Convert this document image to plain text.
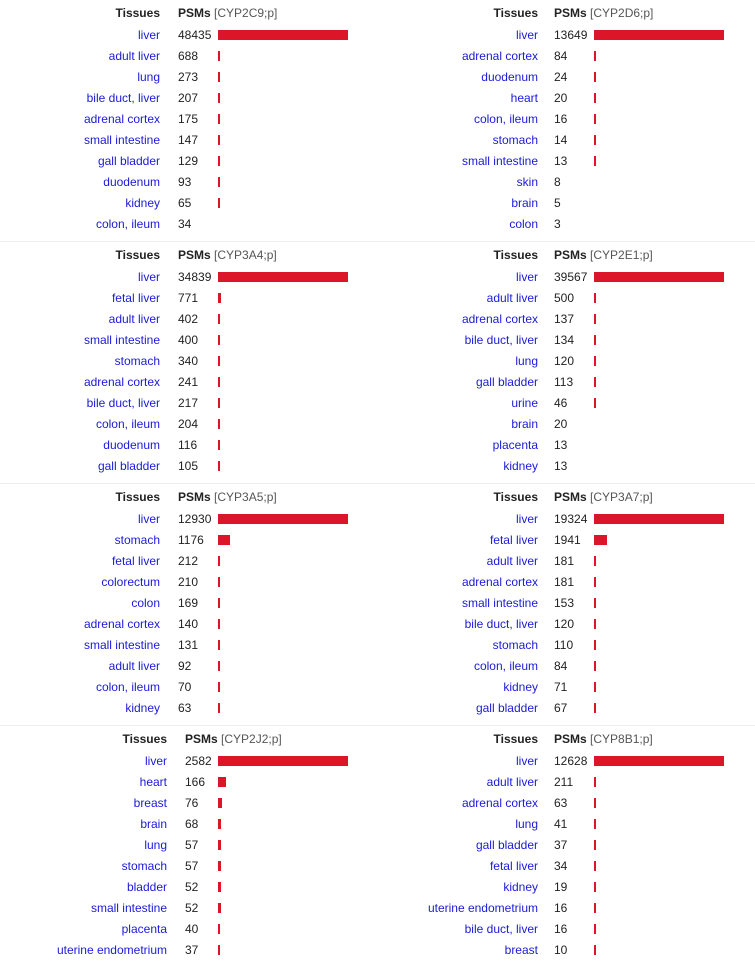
Tissues PSMs [CYP2C9;p]
liver 48435
adult liver 688
lung 273
bile duct, liver 207
adrenal cortex 175
small intestine 147
gall bladder 129
duodenum 93
kidney 65
colon, ileum 34
Tissues PSMs [CYP2D6;p]
liver 13649
adrenal cortex 84
duodenum 24
heart 20
colon, ileum 16
stomach 14
small intestine 13
skin 8
brain 5
colon 3
Tissues PSMs [CYP3A4;p]
liver 34839
fetal liver 771
adult liver 402
small intestine 400
stomach 340
adrenal cortex 241
bile duct, liver 217
colon, ileum 204
duodenum 116
gall bladder 105
Tissues PSMs [CYP2E1;p]
liver 39567
adult liver 500
adrenal cortex 137
bile duct, liver 134
lung 120
gall bladder 113
urine 46
brain 20
placenta 13
kidney 13
Tissues PSMs [CYP3A5;p]
liver 12930
stomach 1176
fetal liver 212
colorectum 210
colon 169
adrenal cortex 140
small intestine 131
adult liver 92
colon, ileum 70
kidney 63
Tissues PSMs [CYP3A7;p]
liver 19324
fetal liver 1941
adult liver 181
adrenal cortex 181
small intestine 153
bile duct, liver 120
stomach 110
colon, ileum 84
kidney 71
gall bladder 67
Tissues PSMs [CYP2J2;p]
liver 2582
heart 166
breast 76
brain 68
lung 57
stomach 57
bladder 52
small intestine 52
placenta 40
uterine endometrium 37
Tissues PSMs [CYP8B1;p]
liver 12628
adult liver 211
adrenal cortex 63
lung 41
gall bladder 37
fetal liver 34
kidney 19
uterine endometrium 16
bile duct, liver 16
breast 10
